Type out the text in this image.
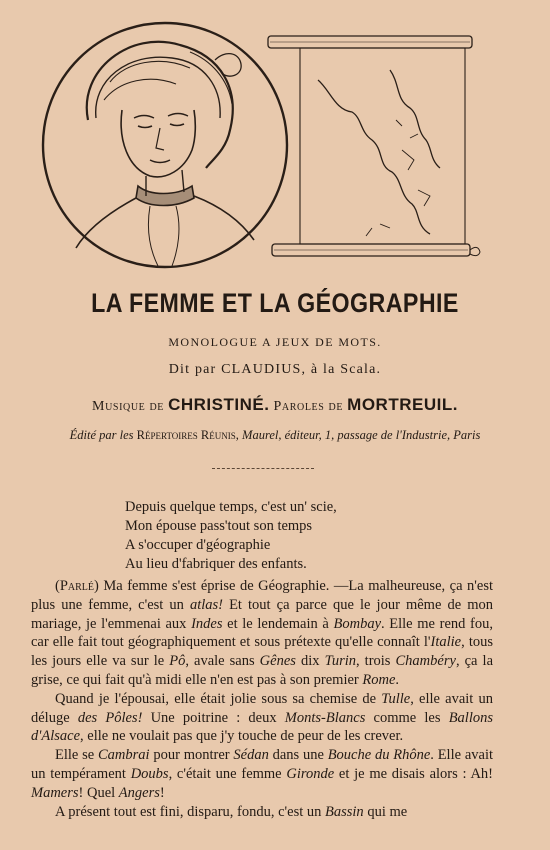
LA FEMME ET LA GÉOGRAPHIE
MONOLOGUE A JEUX DE MOTS.
Dit par CLAUDIUS, à la Scala.
Musique de CHRISTINÉ. Paroles de MORTREUIL.
Édité par les Répertoires Réunis, Maurel, éditeur, 1, passage de l'Industrie, Paris
Depuis quelque temps, c'est un' scie,
Mon épouse pass'tout son temps
A s'occuper d'géographie
Au lieu d'fabriquer des enfants.

(Parlé) Ma femme s'est éprise de Géographie. —La malheureuse, ça n'est plus une femme, c'est un atlas! Et tout ça parce que le jour même de mon mariage, je l'emmenai aux Indes et le lendemain à Bombay. Elle me rend fou, car elle fait tout géographiquement et sous prétexte qu'elle connaît l'Italie, tous les jours elle va sur le Pô, avale sans Gênes dix Turin, trois Chambéry, ça la grise, ce qui fait qu'à midi elle n'en est pas à son premier Rome.

Quand je l'épousai, elle était jolie sous sa chemise de Tulle, elle avait un déluge des Pôles! Une poitrine : deux Monts-Blancs comme les Ballons d'Alsace, elle ne voulait pas que j'y touche de peur de les crever.

Elle se Cambrai pour montrer Sédan dans une Bouche du Rhône. Elle avait un tempérament Doubs, c'était une femme Gironde et je me disais alors : Ah! Mamers! Quel Angers!

A présent tout est fini, disparu, fondu, c'est un Bassin qui me
